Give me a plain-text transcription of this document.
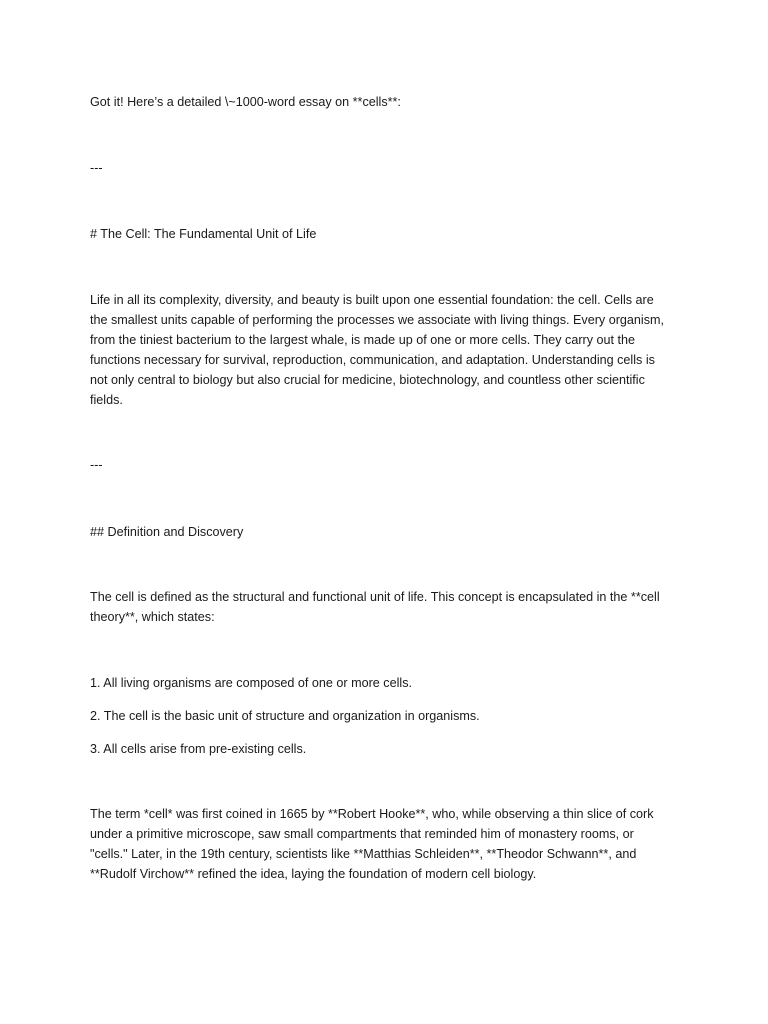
Got it! Here’s a detailed \~1000-word essay on **cells**:

---

# The Cell: The Fundamental Unit of Life

Life in all its complexity, diversity, and beauty is built upon one essential foundation: the cell. Cells are
the smallest units capable of performing the processes we associate with living things. Every organism,
from the tiniest bacterium to the largest whale, is made up of one or more cells. They carry out the
functions necessary for survival, reproduction, communication, and adaptation. Understanding cells is
not only central to biology but also crucial for medicine, biotechnology, and countless other scientific
fields.

---

## Definition and Discovery

The cell is defined as the structural and functional unit of life. This concept is encapsulated in the **cell
theory**, which states:

1. All living organisms are composed of one or more cells.

2. The cell is the basic unit of structure and organization in organisms.

3. All cells arise from pre-existing cells.

The term *cell* was first coined in 1665 by **Robert Hooke**, who, while observing a thin slice of cork
under a primitive microscope, saw small compartments that reminded him of monastery rooms, or
"cells." Later, in the 19th century, scientists like **Matthias Schleiden**, **Theodor Schwann**, and
**Rudolf Virchow** refined the idea, laying the foundation of modern cell biology.
